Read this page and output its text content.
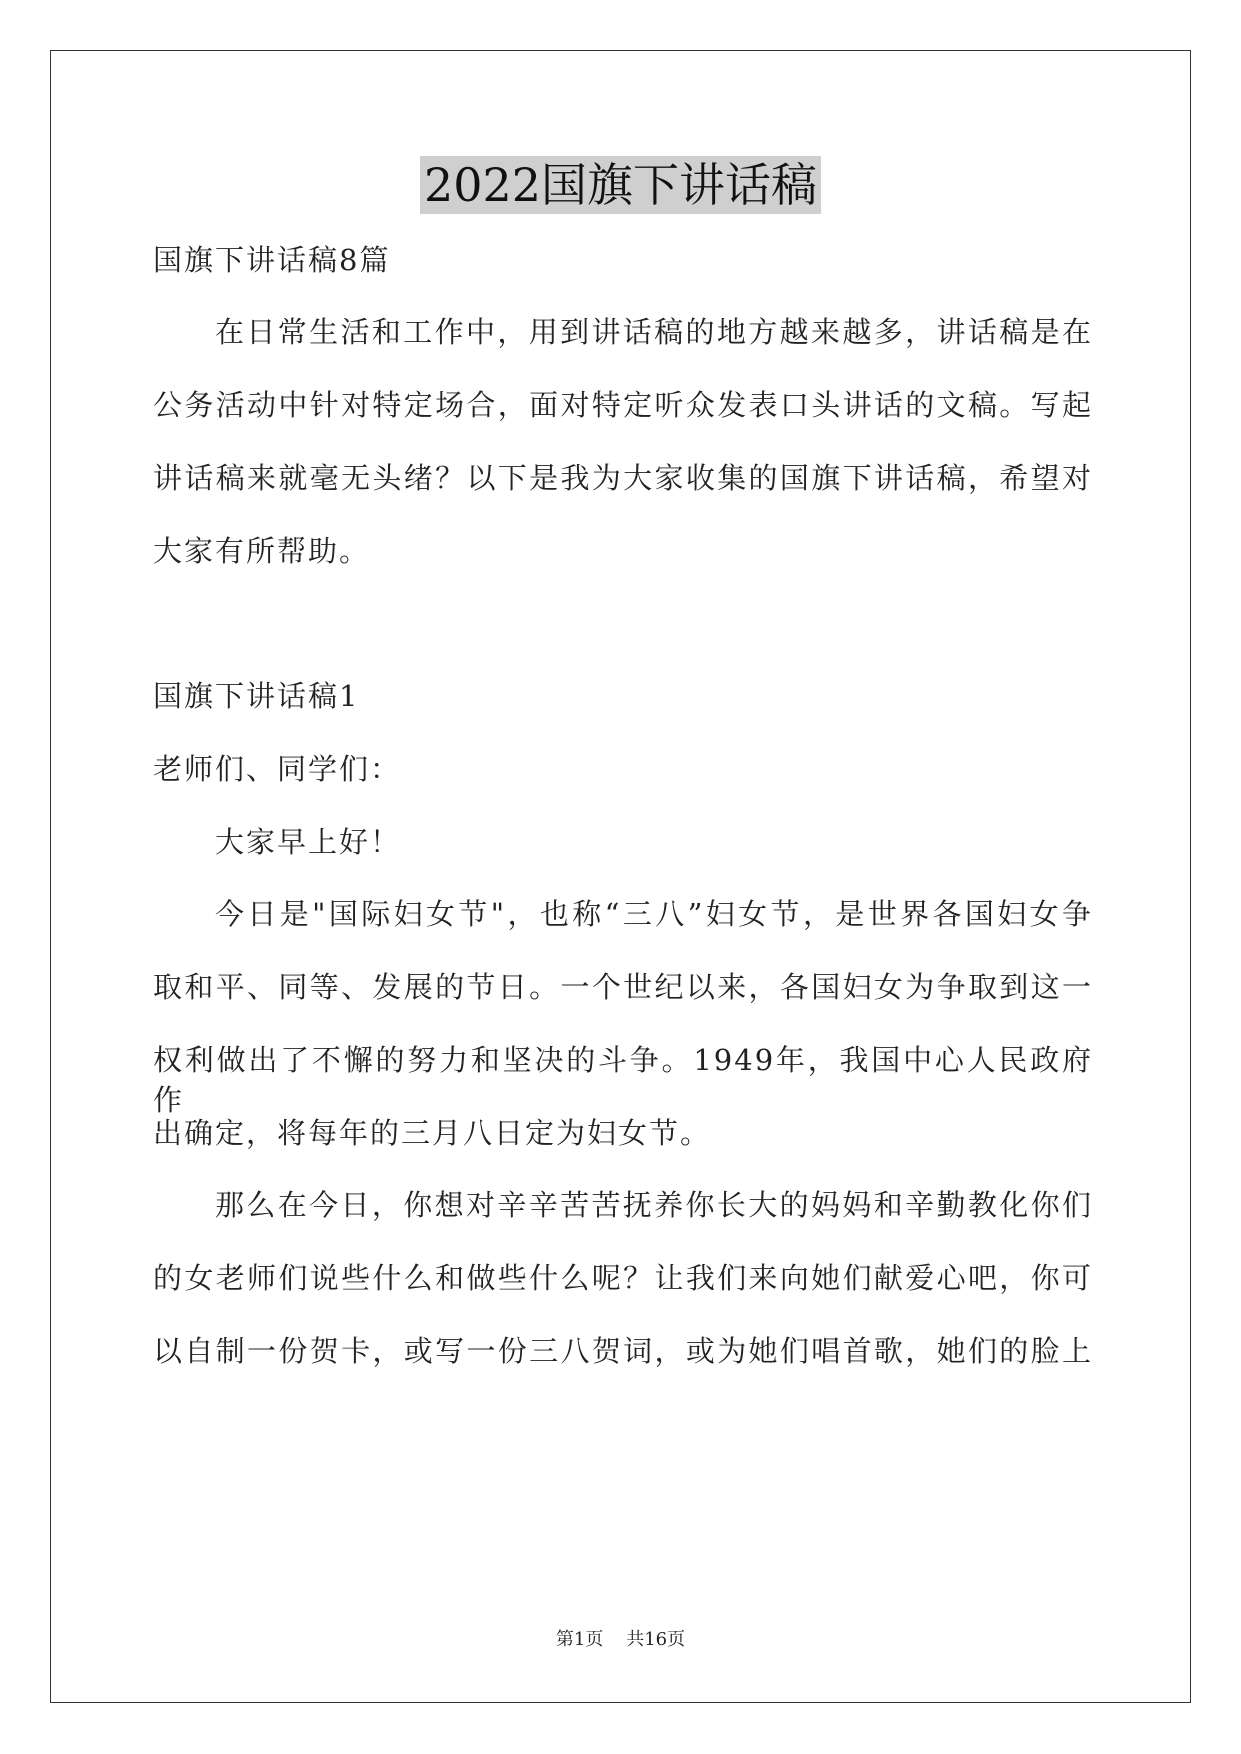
2022国旗下讲话稿
国旗下讲话稿8篇
在日常生活和工作中，用到讲话稿的地方越来越多，讲话稿是在
公务活动中针对特定场合，面对特定听众发表口头讲话的文稿。写起
讲话稿来就毫无头绪？以下是我为大家收集的国旗下讲话稿，希望对
大家有所帮助。
国旗下讲话稿1
老师们、同学们：
大家早上好！
今日是"国际妇女节"，也称“三八”妇女节，是世界各国妇女争
取和平、同等、发展的节日。一个世纪以来，各国妇女为争取到这一
权利做出了不懈的努力和坚决的斗争。1949年，我国中心人民政府作
出确定，将每年的三月八日定为妇女节。
那么在今日，你想对辛辛苦苦抚养你长大的妈妈和辛勤教化你们
的女老师们说些什么和做些什么呢？让我们来向她们献爱心吧，你可
以自制一份贺卡，或写一份三八贺词，或为她们唱首歌，她们的脸上
第1页 共16页
